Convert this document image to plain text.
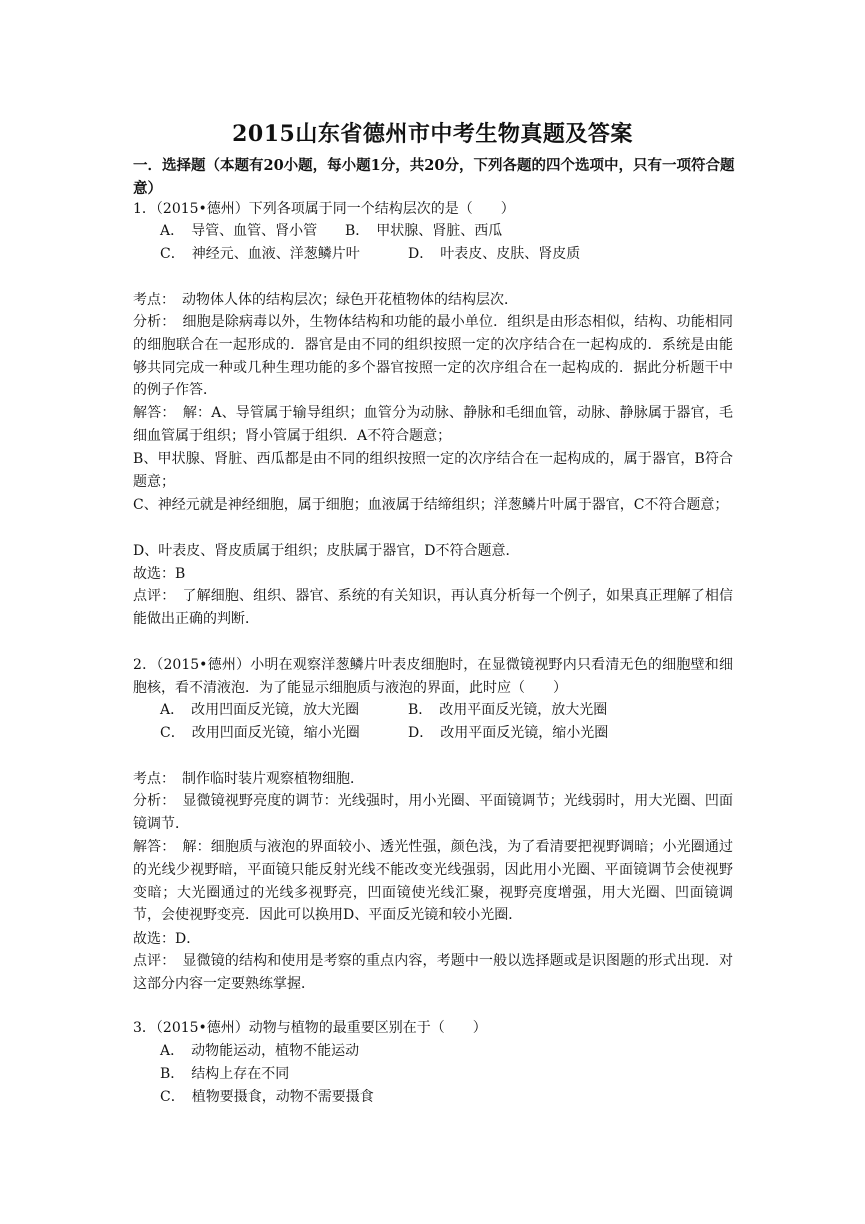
2015山东省德州市中考生物真题及答案
一．选择题（本题有20小题，每小题1分，共20分，下列各题的四个选项中，只有一项符合题意）
1．（2015•德州）下列各项属于同一个结构层次的是（　　）
A．　导管、血管、肾小管 B．　甲状腺、肾脏、西瓜
C．　神经元、血液、洋葱鳞片叶	D．　叶表皮、皮肤、肾皮质
考点：　动物体人体的结构层次；绿色开花植物体的结构层次．
分析：　细胞是除病毒以外，生物体结构和功能的最小单位．组织是由形态相似，结构、功能相同的细胞联合在一起形成的．器官是由不同的组织按照一定的次序结合在一起构成的．系统是由能够共同完成一种或几种生理功能的多个器官按照一定的次序组合在一起构成的．据此分析题干中的例子作答．
解答：　解：A、导管属于输导组织；血管分为动脉、静脉和毛细血管，动脉、静脉属于器官，毛细血管属于组织；肾小管属于组织．A不符合题意；
B、甲状腺、肾脏、西瓜都是由不同的组织按照一定的次序结合在一起构成的，属于器官，B符合题意；
C、神经元就是神经细胞，属于细胞；血液属于结缔组织；洋葱鳞片叶属于器官，C不符合题意；
D、叶表皮、肾皮质属于组织；皮肤属于器官，D不符合题意．
故选：B
点评：　了解细胞、组织、器官、系统的有关知识，再认真分析每一个例子，如果真正理解了相信能做出正确的判断．
2．（2015•德州）小明在观察洋葱鳞片叶表皮细胞时，在显微镜视野内只看清无色的细胞壁和细胞核，看不清液泡．为了能显示细胞质与液泡的界面，此时应（　　）
A．　改用凹面反光镜，放大光圈	B．　改用平面反光镜，放大光圈
C．　改用凹面反光镜，缩小光圈	D．　改用平面反光镜，缩小光圈
考点：　制作临时装片观察植物细胞．
分析：　显微镜视野亮度的调节：光线强时，用小光圈、平面镜调节；光线弱时，用大光圈、凹面镜调节．
解答：　解：细胞质与液泡的界面较小、透光性强，颜色浅，为了看清要把视野调暗；小光圈通过的光线少视野暗，平面镜只能反射光线不能改变光线强弱，因此用小光圈、平面镜调节会使视野变暗；大光圈通过的光线多视野亮，凹面镜使光线汇聚，视野亮度增强，用大光圈、凹面镜调节，会使视野变亮．因此可以换用D、平面反光镜和较小光圈．
故选：D．
点评：　显微镜的结构和使用是考察的重点内容，考题中一般以选择题或是识图题的形式出现．对这部分内容一定要熟练掌握．
3．（2015•德州）动物与植物的最重要区别在于（　　）
A．　动物能运动，植物不能运动
B．　结构上存在不同
C．　植物要摄食，动物不需要摄食
